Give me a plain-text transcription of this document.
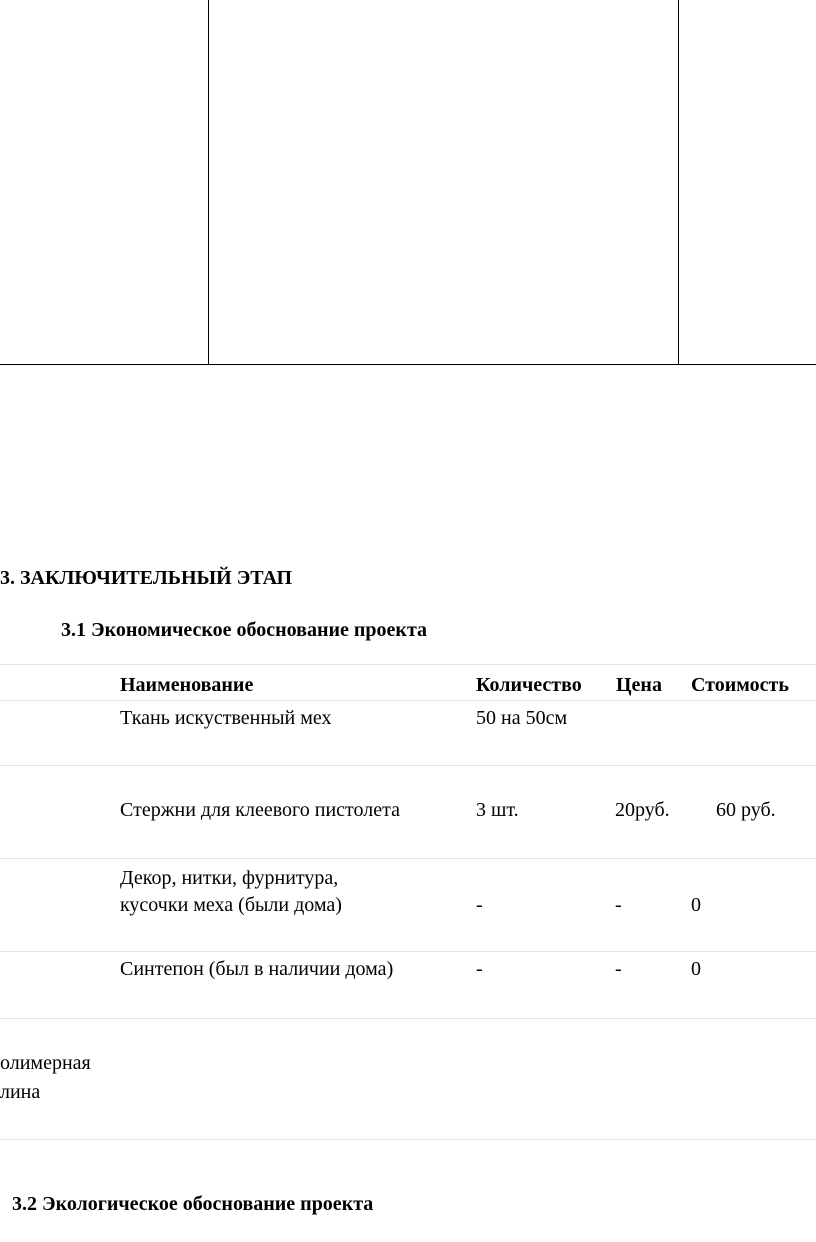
3. ЗАКЛЮЧИТЕЛЬНЫЙ ЭТАП
3.1 Экономическое обоснование проекта
Наименование	Количество Цена Стоимость
Ткань искуственный мех	50 на 50см
Стержни для клеевого пистолета	3 шт.	20руб. 60 руб.
Декор, нитки, фурнитура,
кусочки меха (были дома)	-	-	0
Синтепон (был в наличии дома)	-	-	0
олимерная
лина
3.2 Экологическое обоснование проекта
